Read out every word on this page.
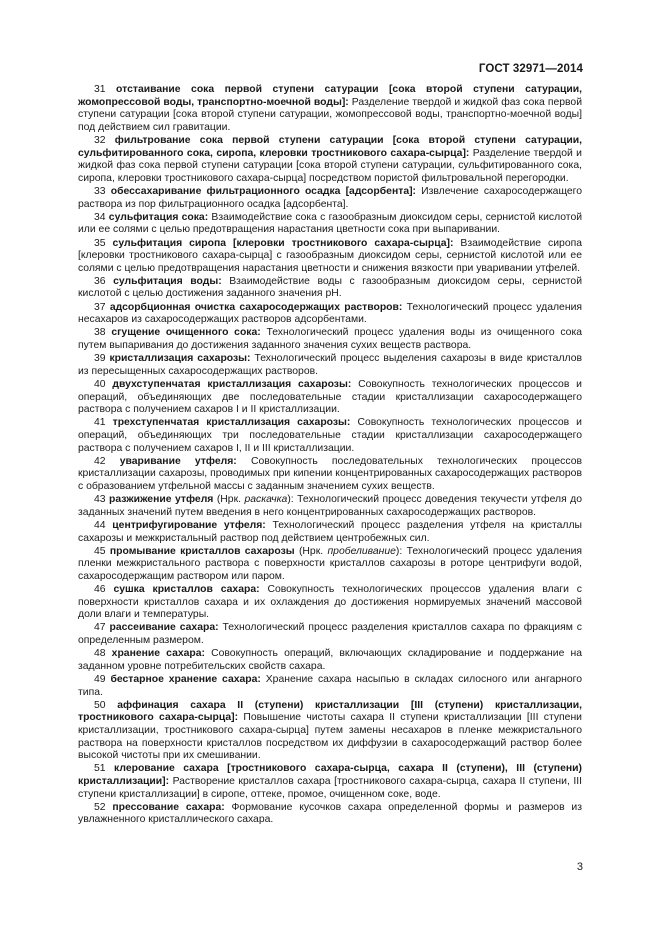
ГОСТ 32971—2014

31 отстаивание сока первой ступени сатурации [сока второй ступени сатурации, жомопрессовой воды, транспортно-моечной воды]: Разделение твердой и жидкой фаз сока первой ступени сатурации [сока второй ступени сатурации, жомопрессовой воды, транспортно-моечной воды] под действием сил гравитации.

32 фильтрование сока первой ступени сатурации [сока второй ступени сатурации, сульфитированного сока, сиропа, клеровки тростникового сахара-сырца]: Разделение твердой и жидкой фаз сока первой ступени сатурации [сока второй ступени сатурации, сульфитированного сока, сиропа, клеровки тростникового сахара-сырца] посредством пористой фильтровальной перегородки.

33 обессахаривание фильтрационного осадка [адсорбента]: Извлечение сахаросодержащего раствора из пор фильтрационного осадка [адсорбента].

34 сульфитация сока: Взаимодействие сока с газообразным диоксидом серы, сернистой кислотой или ее солями с целью предотвращения нарастания цветности сока при выпаривании.

35 сульфитация сиропа [клеровки тростникового сахара-сырца]: Взаимодействие сиропа [клеровки тростникового сахара-сырца] с газообразным диоксидом серы, сернистой кислотой или ее солями с целью предотвращения нарастания цветности и снижения вязкости при уваривании утфелей.

36 сульфитация воды: Взаимодействие воды с газообразным диоксидом серы, сернистой кислотой с целью достижения заданного значения pH.

37 адсорбционная очистка сахаросодержащих растворов: Технологический процесс удаления несахаров из сахаросодержащих растворов адсорбентами.

38 сгущение очищенного сока: Технологический процесс удаления воды из очищенного сока путем выпаривания до достижения заданного значения сухих веществ раствора.

39 кристаллизация сахарозы: Технологический процесс выделения сахарозы в виде кристаллов из пересыщенных сахаросодержащих растворов.

40 двухступенчатая кристаллизация сахарозы: Совокупность технологических процессов и операций, объединяющих две последовательные стадии кристаллизации сахаросодержащего раствора с получением сахаров I и II кристаллизации.

41 трехступенчатая кристаллизация сахарозы: Совокупность технологических процессов и операций, объединяющих три последовательные стадии кристаллизации сахаросодержащего раствора с получением сахаров I, II и III кристаллизации.

42 уваривание утфеля: Совокупность последовательных технологических процессов кристаллизации сахарозы, проводимых при кипении концентрированных сахаросодержащих растворов с образованием утфельной массы с заданным значением сухих веществ.

43 разжижение утфеля (Нрк. раскачка): Технологический процесс доведения текучести утфеля до заданных значений путем введения в него концентрированных сахаросодержащих растворов.

44 центрифугирование утфеля: Технологический процесс разделения утфеля на кристаллы сахарозы и межкристальный раствор под действием центробежных сил.

45 промывание кристаллов сахарозы (Нрк. пробеливание): Технологический процесс удаления пленки межкристального раствора с поверхности кристаллов сахарозы в роторе центрифуги водой, сахаросодержащим раствором или паром.

46 сушка кристаллов сахара: Совокупность технологических процессов удаления влаги с поверхности кристаллов сахара и их охлаждения до достижения нормируемых значений массовой доли влаги и температуры.

47 рассеивание сахара: Технологический процесс разделения кристаллов сахара по фракциям с определенным размером.

48 хранение сахара: Совокупность операций, включающих складирование и поддержание на заданном уровне потребительских свойств сахара.

49 бестарное хранение сахара: Хранение сахара насыпью в складах силосного или ангарного типа.

50 аффинация сахара II (ступени) кристаллизации [III (ступени) кристаллизации, тростникового сахара-сырца]: Повышение чистоты сахара II ступени кристаллизации [III ступени кристаллизации, тростникового сахара-сырца] путем замены несахаров в пленке межкристального раствора на поверхности кристаллов посредством их диффузии в сахаросодержащий раствор более высокой чистоты при их смешивании.

51 клерование сахара [тростникового сахара-сырца, сахара II (ступени), III (ступени) кристаллизации]: Растворение кристаллов сахара [тростникового сахара-сырца, сахара II ступени, III ступени кристаллизации] в сиропе, оттеке, промое, очищенном соке, воде.

52 прессование сахара: Формование кусочков сахара определенной формы и размеров из увлажненного кристаллического сахара.

3
